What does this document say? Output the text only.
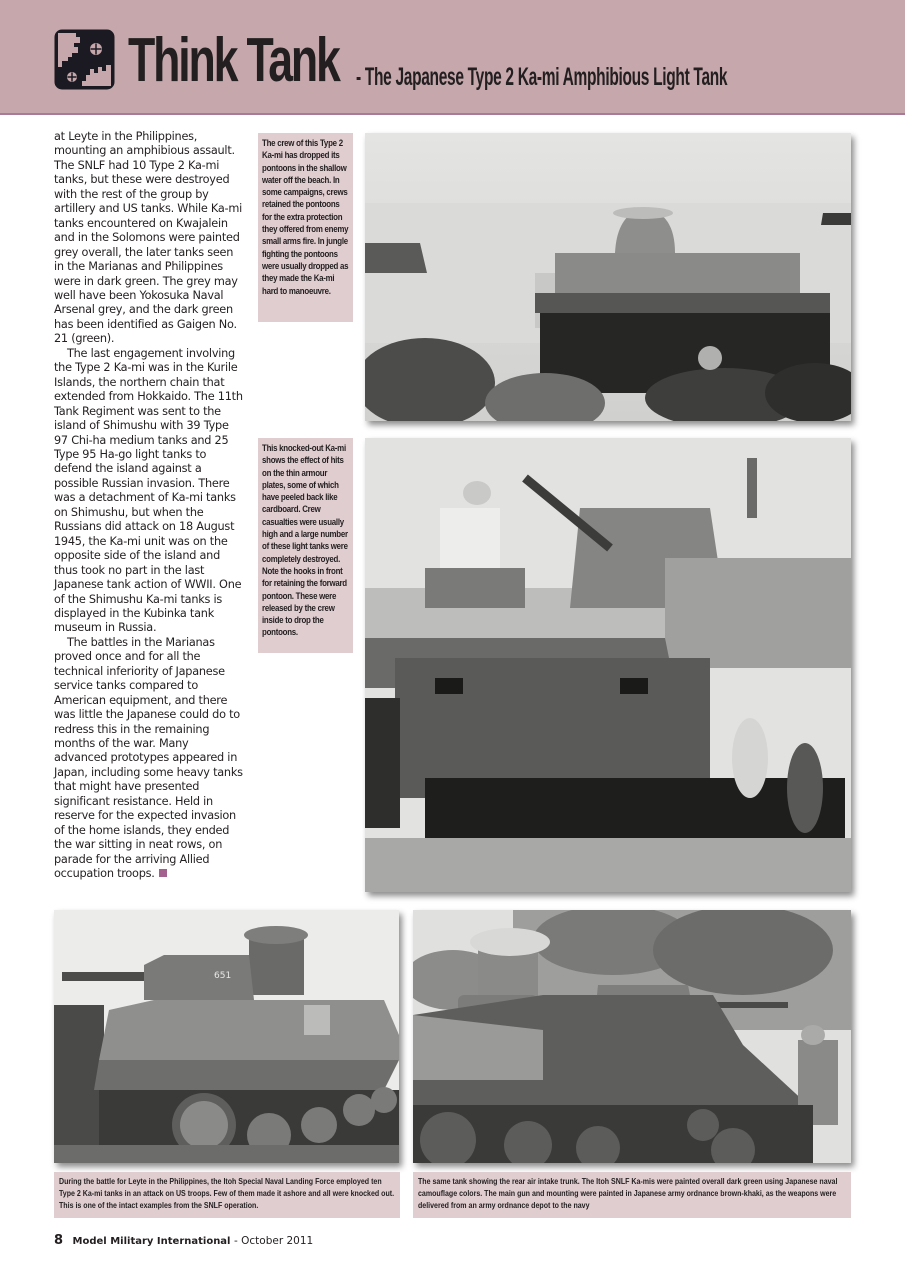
Think Tank - The Japanese Type 2 Ka-mi Amphibious Light Tank

at Leyte in the Philippines, mounting an amphibious assault. The SNLF had 10 Type 2 Ka-mi tanks, but these were destroyed with the rest of the group by artillery and US tanks. While Ka-mi tanks encountered on Kwajalein and in the Solomons were painted grey overall, the later tanks seen in the Marianas and Philippines were in dark green. The grey may well have been Yokosuka Naval Arsenal grey, and the dark green has been identified as Gaigen No. 21 (green).

The last engagement involving the Type 2 Ka-mi was in the Kurile Islands, the northern chain that extended from Hokkaido. The 11th Tank Regiment was sent to the island of Shimushu with 39 Type 97 Chi-ha medium tanks and 25 Type 95 Ha-go light tanks to defend the island against a possible Russian invasion. There was a detachment of Ka-mi tanks on Shimushu, but when the Russians did attack on 18 August 1945, the Ka-mi unit was on the opposite side of the island and thus took no part in the last Japanese tank action of WWII. One of the Shimushu Ka-mi tanks is displayed in the Kubinka tank museum in Russia.

The battles in the Marianas proved once and for all the technical inferiority of Japanese service tanks compared to American equipment, and there was little the Japanese could do to redress this in the remaining months of the war. Many advanced prototypes appeared in Japan, including some heavy tanks that might have presented significant resistance. Held in reserve for the expected invasion of the home islands, they ended the war sitting in neat rows, on parade for the arriving Allied occupation troops.

The crew of this Type 2 Ka-mi has dropped its pontoons in the shallow water off the beach. In some campaigns, crews retained the pontoons for the extra protection they offered from enemy small arms fire. In jungle fighting the pontoons were usually dropped as they made the Ka-mi hard to manoeuvre.
This knocked-out Ka-mi shows the effect of hits on the thin armour plates, some of which have peeled back like cardboard. Crew casualties were usually high and a large number of these light tanks were completely destroyed. Note the hooks in front for retaining the forward pontoon. These were released by the crew inside to drop the pontoons.
651
During the battle for Leyte in the Philippines, the Itoh Special Naval Landing Force employed ten Type 2 Ka-mi tanks in an attack on US troops. Few of them made it ashore and all were knocked out. This is one of the intact examples from the SNLF operation.
The same tank showing the rear air intake trunk. The Itoh SNLF Ka-mis were painted overall dark green using Japanese naval camouflage colors. The main gun and mounting were painted in Japanese army ordnance brown-khaki, as the weapons were delivered from an army ordnance depot to the navy
8 Model Military International - October 2011
